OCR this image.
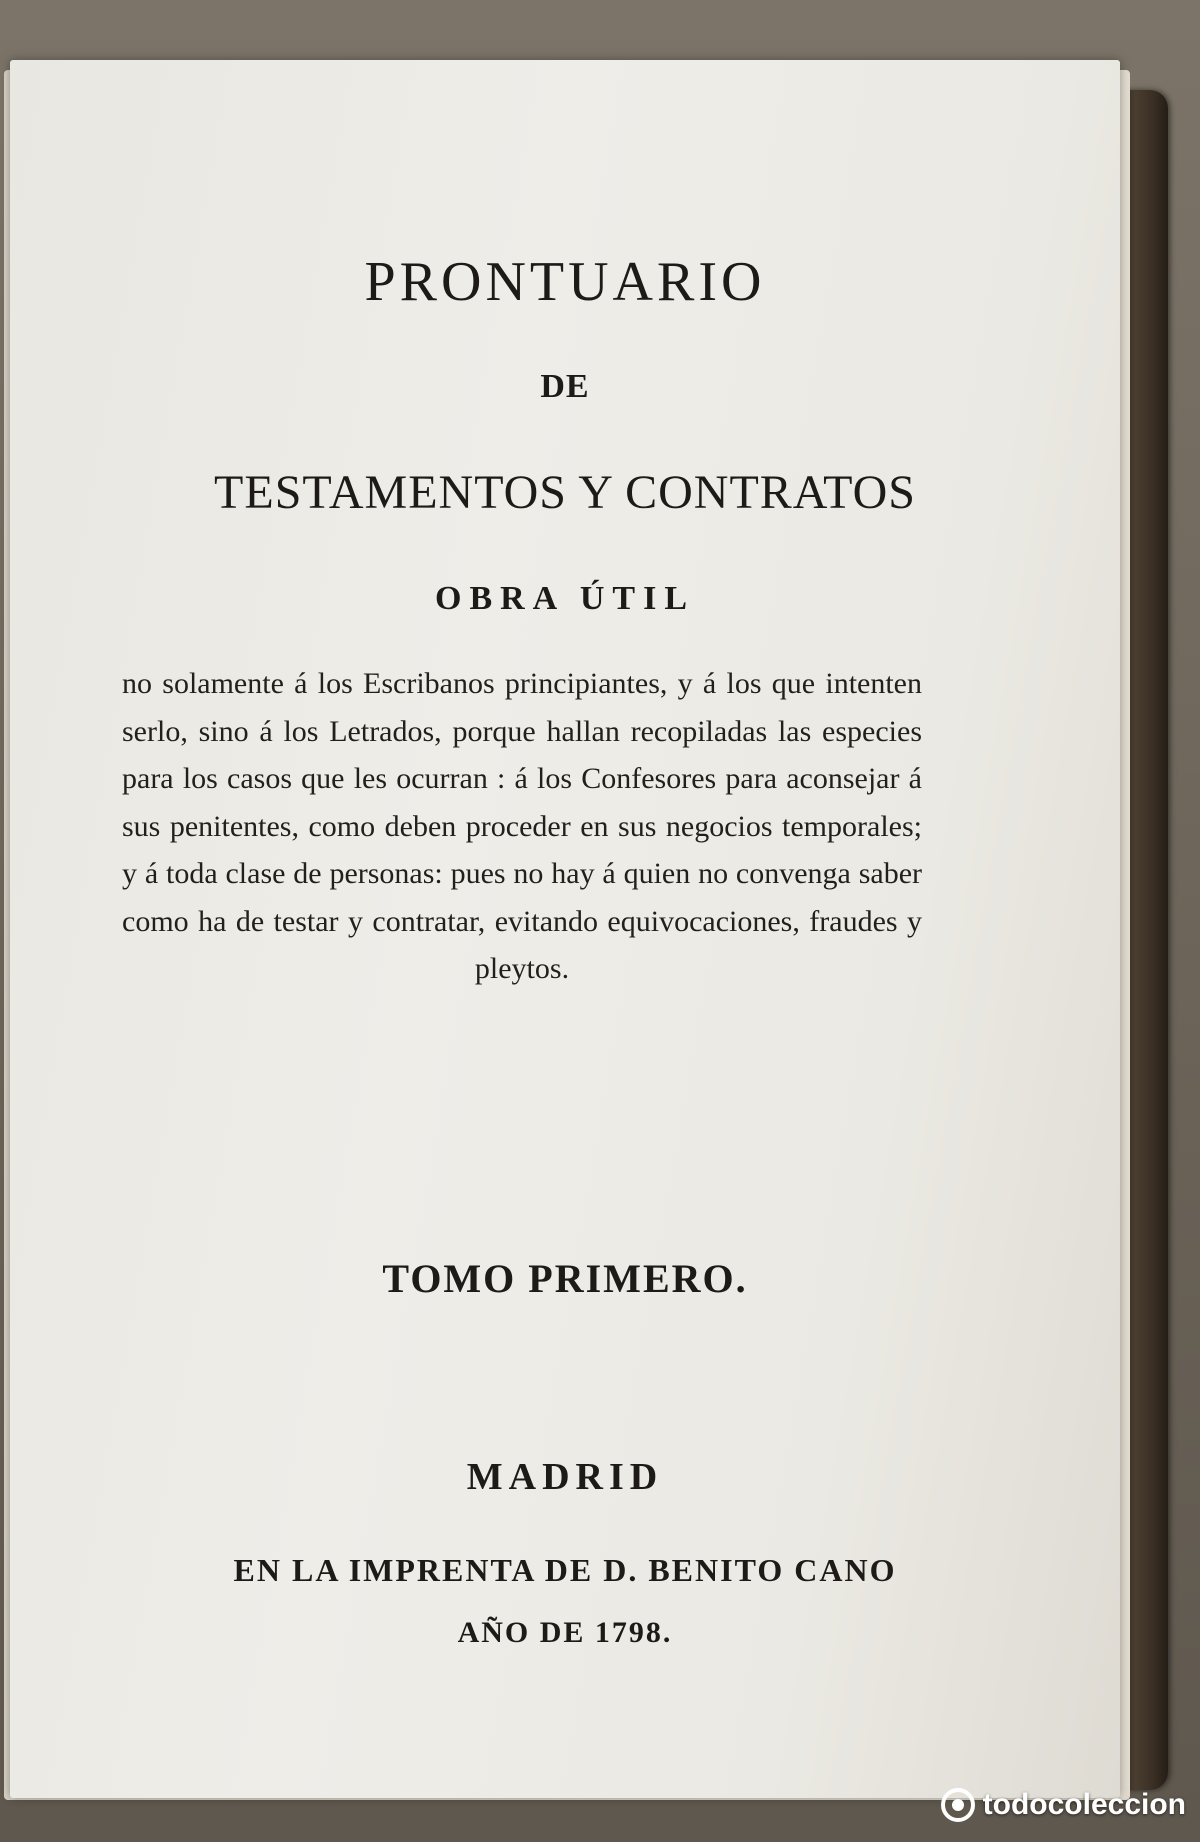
PRONTUARIO

DE

TESTAMENTOS Y CONTRATOS

OBRA ÚTIL

no solamente á los Escribanos principiantes, y á los que intenten serlo, sino á los Letrados, porque hallan recopiladas las especies para los casos que les ocurran : á los Confesores para aconsejar á sus penitentes, como deben proceder en sus negocios temporales; y á toda clase de personas: pues no hay á quien no convenga saber como ha de testar y contratar, evitando equivocaciones, fraudes y pleytos.

TOMO PRIMERO.

MADRID

EN LA IMPRENTA DE D. BENITO CANO

AÑO DE 1798.

todocoleccion
